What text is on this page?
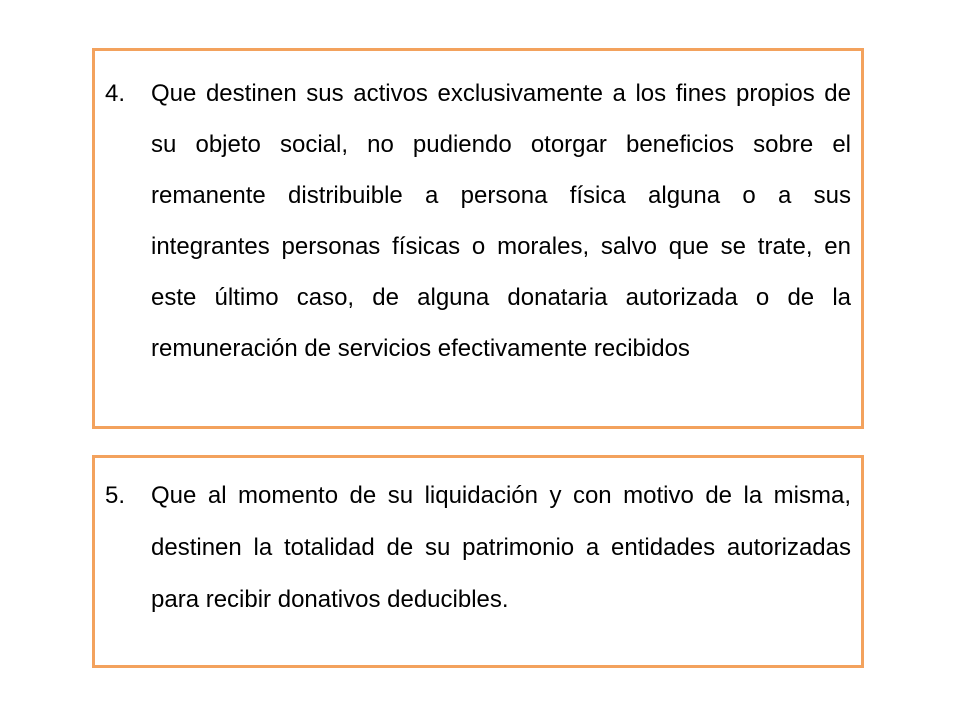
4.	Que destinen sus activos exclusivamente a los fines propios de su objeto social, no pudiendo otorgar beneficios sobre el remanente distribuible a persona física alguna o a sus integrantes personas físicas o morales, salvo que se trate, en este último caso, de alguna donataria autorizada o de la remuneración de servicios efectivamente recibidos

5.	Que al momento de su liquidación y con motivo de la misma, destinen la totalidad de su patrimonio a entidades autorizadas para recibir donativos deducibles.
